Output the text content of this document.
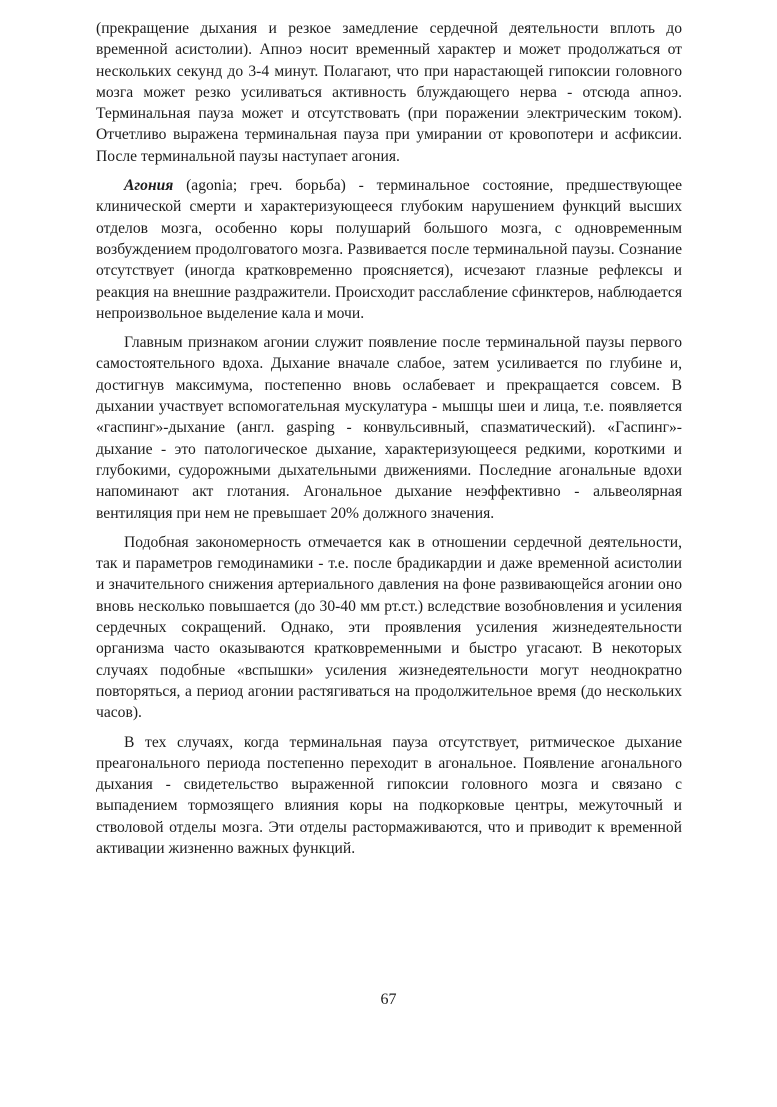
(прекращение дыхания и резкое замедление сердечной деятельности вплоть до временной асистолии). Апноэ носит временный характер и может продолжаться от нескольких секунд до 3-4 минут. Полагают, что при нарастающей гипоксии головного мозга может резко усиливаться активность блуждающего нерва - отсюда апноэ. Терминальная пауза может и отсутствовать (при поражении электрическим током). Отчетливо выражена терминальная пауза при умирании от кровопотери и асфиксии. После терминальной паузы наступает агония.

Агония (agonia; греч. борьба) - терминальное состояние, предшествующее клинической смерти и характеризующееся глубоким нарушением функций высших отделов мозга, особенно коры полушарий большого мозга, с одновременным возбуждением продолговатого мозга. Развивается после терминальной паузы. Сознание отсутствует (иногда кратковременно проясняется), исчезают глазные рефлексы и реакция на внешние раздражители. Происходит расслабление сфинктеров, наблюдается непроизвольное выделение кала и мочи.

Главным признаком агонии служит появление после терминальной паузы первого самостоятельного вдоха. Дыхание вначале слабое, затем усиливается по глубине и, достигнув максимума, постепенно вновь ослабевает и прекращается совсем. В дыхании участвует вспомогательная мускулатура - мышцы шеи и лица, т.е. появляется «гаспинг»-дыхание (англ. gasping - конвульсивный, спазматический). «Гаспинг»-дыхание - это патологическое дыхание, характеризующееся редкими, короткими и глубокими, судорожными дыхательными движениями. Последние агональные вдохи напоминают акт глотания. Агональное дыхание неэффективно - альвеолярная вентиляция при нем не превышает 20% должного значения.

Подобная закономерность отмечается как в отношении сердечной деятельности, так и параметров гемодинамики - т.е. после брадикардии и даже временной асистолии и значительного снижения артериального давления на фоне развивающейся агонии оно вновь несколько повышается (до 30-40 мм рт.ст.) вследствие возобновления и усиления сердечных сокращений. Однако, эти проявления усиления жизнедеятельности организма часто оказываются кратковременными и быстро угасают. В некоторых случаях подобные «вспышки» усиления жизнедеятельности могут неоднократно повторяться, а период агонии растягиваться на продолжительное время (до нескольких часов).

В тех случаях, когда терминальная пауза отсутствует, ритмическое дыхание преагонального периода постепенно переходит в агональное. Появление агонального дыхания - свидетельство выраженной гипоксии головного мозга и связано с выпадением тормозящего влияния коры на подкорковые центры, межуточный и стволовой отделы мозга. Эти отделы растормаживаются, что и приводит к временной активации жизненно важных функций.

67
